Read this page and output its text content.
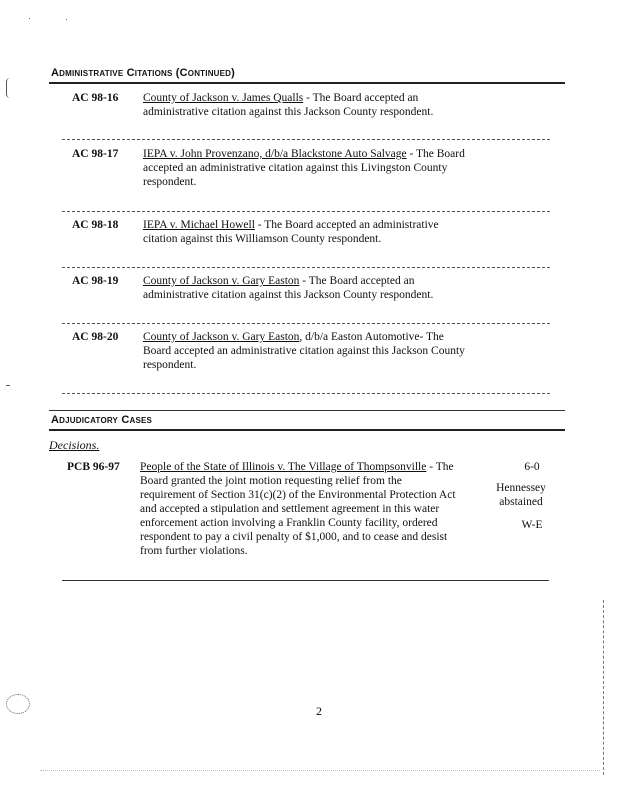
Administrative Citations (Continued)
AC 98-16 County of Jackson v. James Qualls - The Board accepted an administrative citation against this Jackson County respondent.
AC 98-17 IEPA v. John Provenzano, d/b/a Blackstone Auto Salvage - The Board accepted an administrative citation against this Livingston County respondent.
AC 98-18 IEPA v. Michael Howell - The Board accepted an administrative citation against this Williamson County respondent.
AC 98-19 County of Jackson v. Gary Easton - The Board accepted an administrative citation against this Jackson County respondent.
AC 98-20 County of Jackson v. Gary Easton, d/b/a Easton Automotive- The Board accepted an administrative citation against this Jackson County respondent.
Adjudicatory Cases
Decisions.
PCB 96-97 People of the State of Illinois v. The Village of Thompsonville - The Board granted the joint motion requesting relief from the requirement of Section 31(c)(2) of the Environmental Protection Act and accepted a stipulation and settlement agreement in this water enforcement action involving a Franklin County facility, ordered respondent to pay a civil penalty of $1,000, and to cease and desist from further violations.
6-0
Hennessey abstained
W-E
2
